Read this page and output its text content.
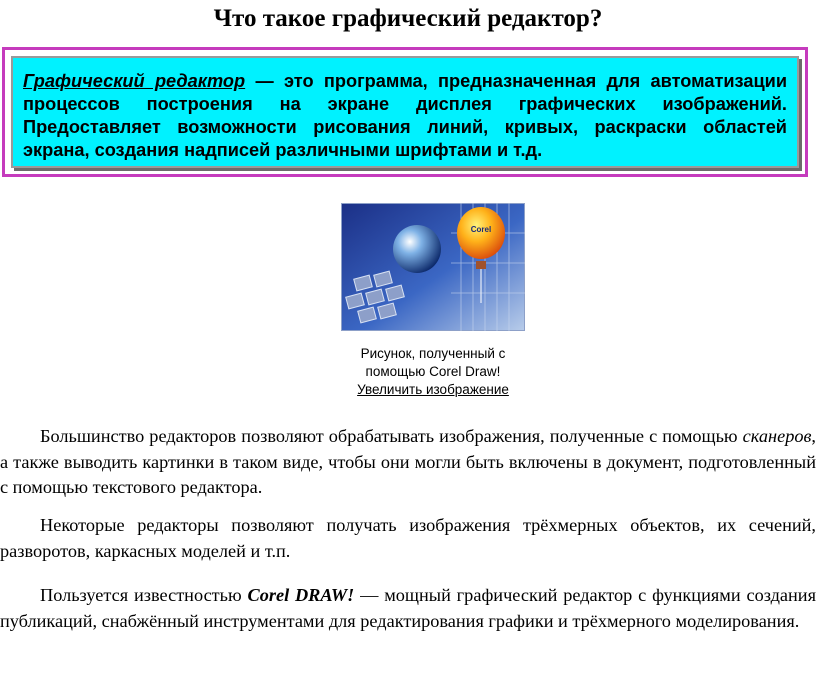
Что такое графический редактор?
Графический редактор — это программа, предназначенная для автоматизации процессов построения на экране дисплея графических изображений. Предоставляет возможности рисования линий, кривых, раскраски областей экрана, создания надписей различными шрифтами и т.д.
Corel
Рисунок, полученный с
помощью Corel Draw!
Увеличить изображение

Большинство редакторов позволяют обрабатывать изображения, полученные с помощью сканеров, а также выводить картинки в таком виде, чтобы они могли быть включены в документ, подготовленный с помощью текстового редактора.

Некоторые редакторы позволяют получать изображения трёхмерных объектов, их сечений, разворотов, каркасных моделей и т.п.

Пользуется известностью Corel DRAW! — мощный графический редактор с функциями создания публикаций, снабжённый инструментами для редактирования графики и трёхмерного моделирования.
